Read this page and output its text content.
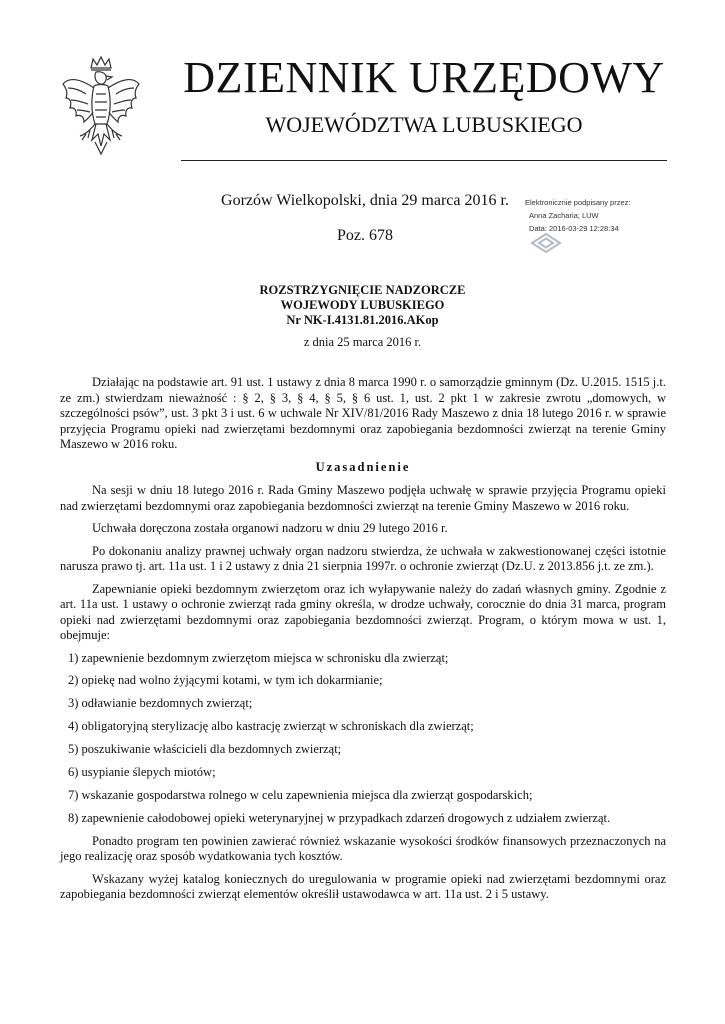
DZIENNIK URZĘDOWY
WOJEWÓDZTWA LUBUSKIEGO
Gorzów Wielkopolski, dnia 29 marca 2016 r.
Poz. 678
Elektronicznie podpisany przez:
Anna Zacharia; LUW
Data: 2016-03-29 12:28:34
ROZSTRZYGNIĘCIE NADZORCZE
WOJEWODY LUBUSKIEGO
Nr NK-I.4131.81.2016.AKop
z dnia 25 marca 2016 r.

Działając na podstawie art. 91 ust. 1 ustawy z dnia 8 marca 1990 r. o samorządzie gminnym (Dz. U.2015. 1515 j.t. ze zm.) stwierdzam nieważność : § 2, § 3, § 4, § 5, § 6 ust. 1, ust. 2 pkt 1 w zakresie zwrotu „domowych, w szczególności psów”, ust. 3 pkt 3 i ust. 6 w uchwale Nr XIV/81/2016 Rady Maszewo z dnia 18 lutego 2016 r. w sprawie przyjęcia Programu opieki nad zwierzętami bezdomnymi oraz zapobiegania bezdomności zwierząt na terenie Gminy Maszewo w 2016 roku.

Uzasadnienie

Na sesji w dniu 18 lutego 2016 r. Rada Gminy Maszewo podjęła uchwałę w sprawie przyjęcia Programu opieki nad zwierzętami bezdomnymi oraz zapobiegania bezdomności zwierząt na terenie Gminy Maszewo w 2016 roku.

Uchwała doręczona została organowi nadzoru w dniu 29 lutego 2016 r.

Po dokonaniu analizy prawnej uchwały organ nadzoru stwierdza, że uchwała w zakwestionowanej części istotnie narusza prawo tj. art. 11a ust. 1 i 2 ustawy z dnia 21 sierpnia 1997r. o ochronie zwierząt (Dz.U. z 2013.856 j.t. ze zm.).

Zapewnianie opieki bezdomnym zwierzętom oraz ich wyłapywanie należy do zadań własnych gminy. Zgodnie z art. 11a ust. 1 ustawy o ochronie zwierząt rada gminy określa, w drodze uchwały, corocznie do dnia 31 marca, program opieki nad zwierzętami bezdomnymi oraz zapobiegania bezdomności zwierząt. Program, o którym mowa w ust. 1, obejmuje:

1) zapewnienie bezdomnym zwierzętom miejsca w schronisku dla zwierząt;
2) opiekę nad wolno żyjącymi kotami, w tym ich dokarmianie;
3) odławianie bezdomnych zwierząt;
4) obligatoryjną sterylizację albo kastrację zwierząt w schroniskach dla zwierząt;
5) poszukiwanie właścicieli dla bezdomnych zwierząt;
6) usypianie ślepych miotów;
7) wskazanie gospodarstwa rolnego w celu zapewnienia miejsca dla zwierząt gospodarskich;
8) zapewnienie całodobowej opieki weterynaryjnej w przypadkach zdarzeń drogowych z udziałem zwierząt.

Ponadto program ten powinien zawierać również wskazanie wysokości środków finansowych przeznaczonych na jego realizację oraz sposób wydatkowania tych kosztów.

Wskazany wyżej katalog koniecznych do uregulowania w programie opieki nad zwierzętami bezdomnymi oraz zapobiegania bezdomności zwierząt elementów określił ustawodawca w art. 11a ust. 2 i 5 ustawy.
